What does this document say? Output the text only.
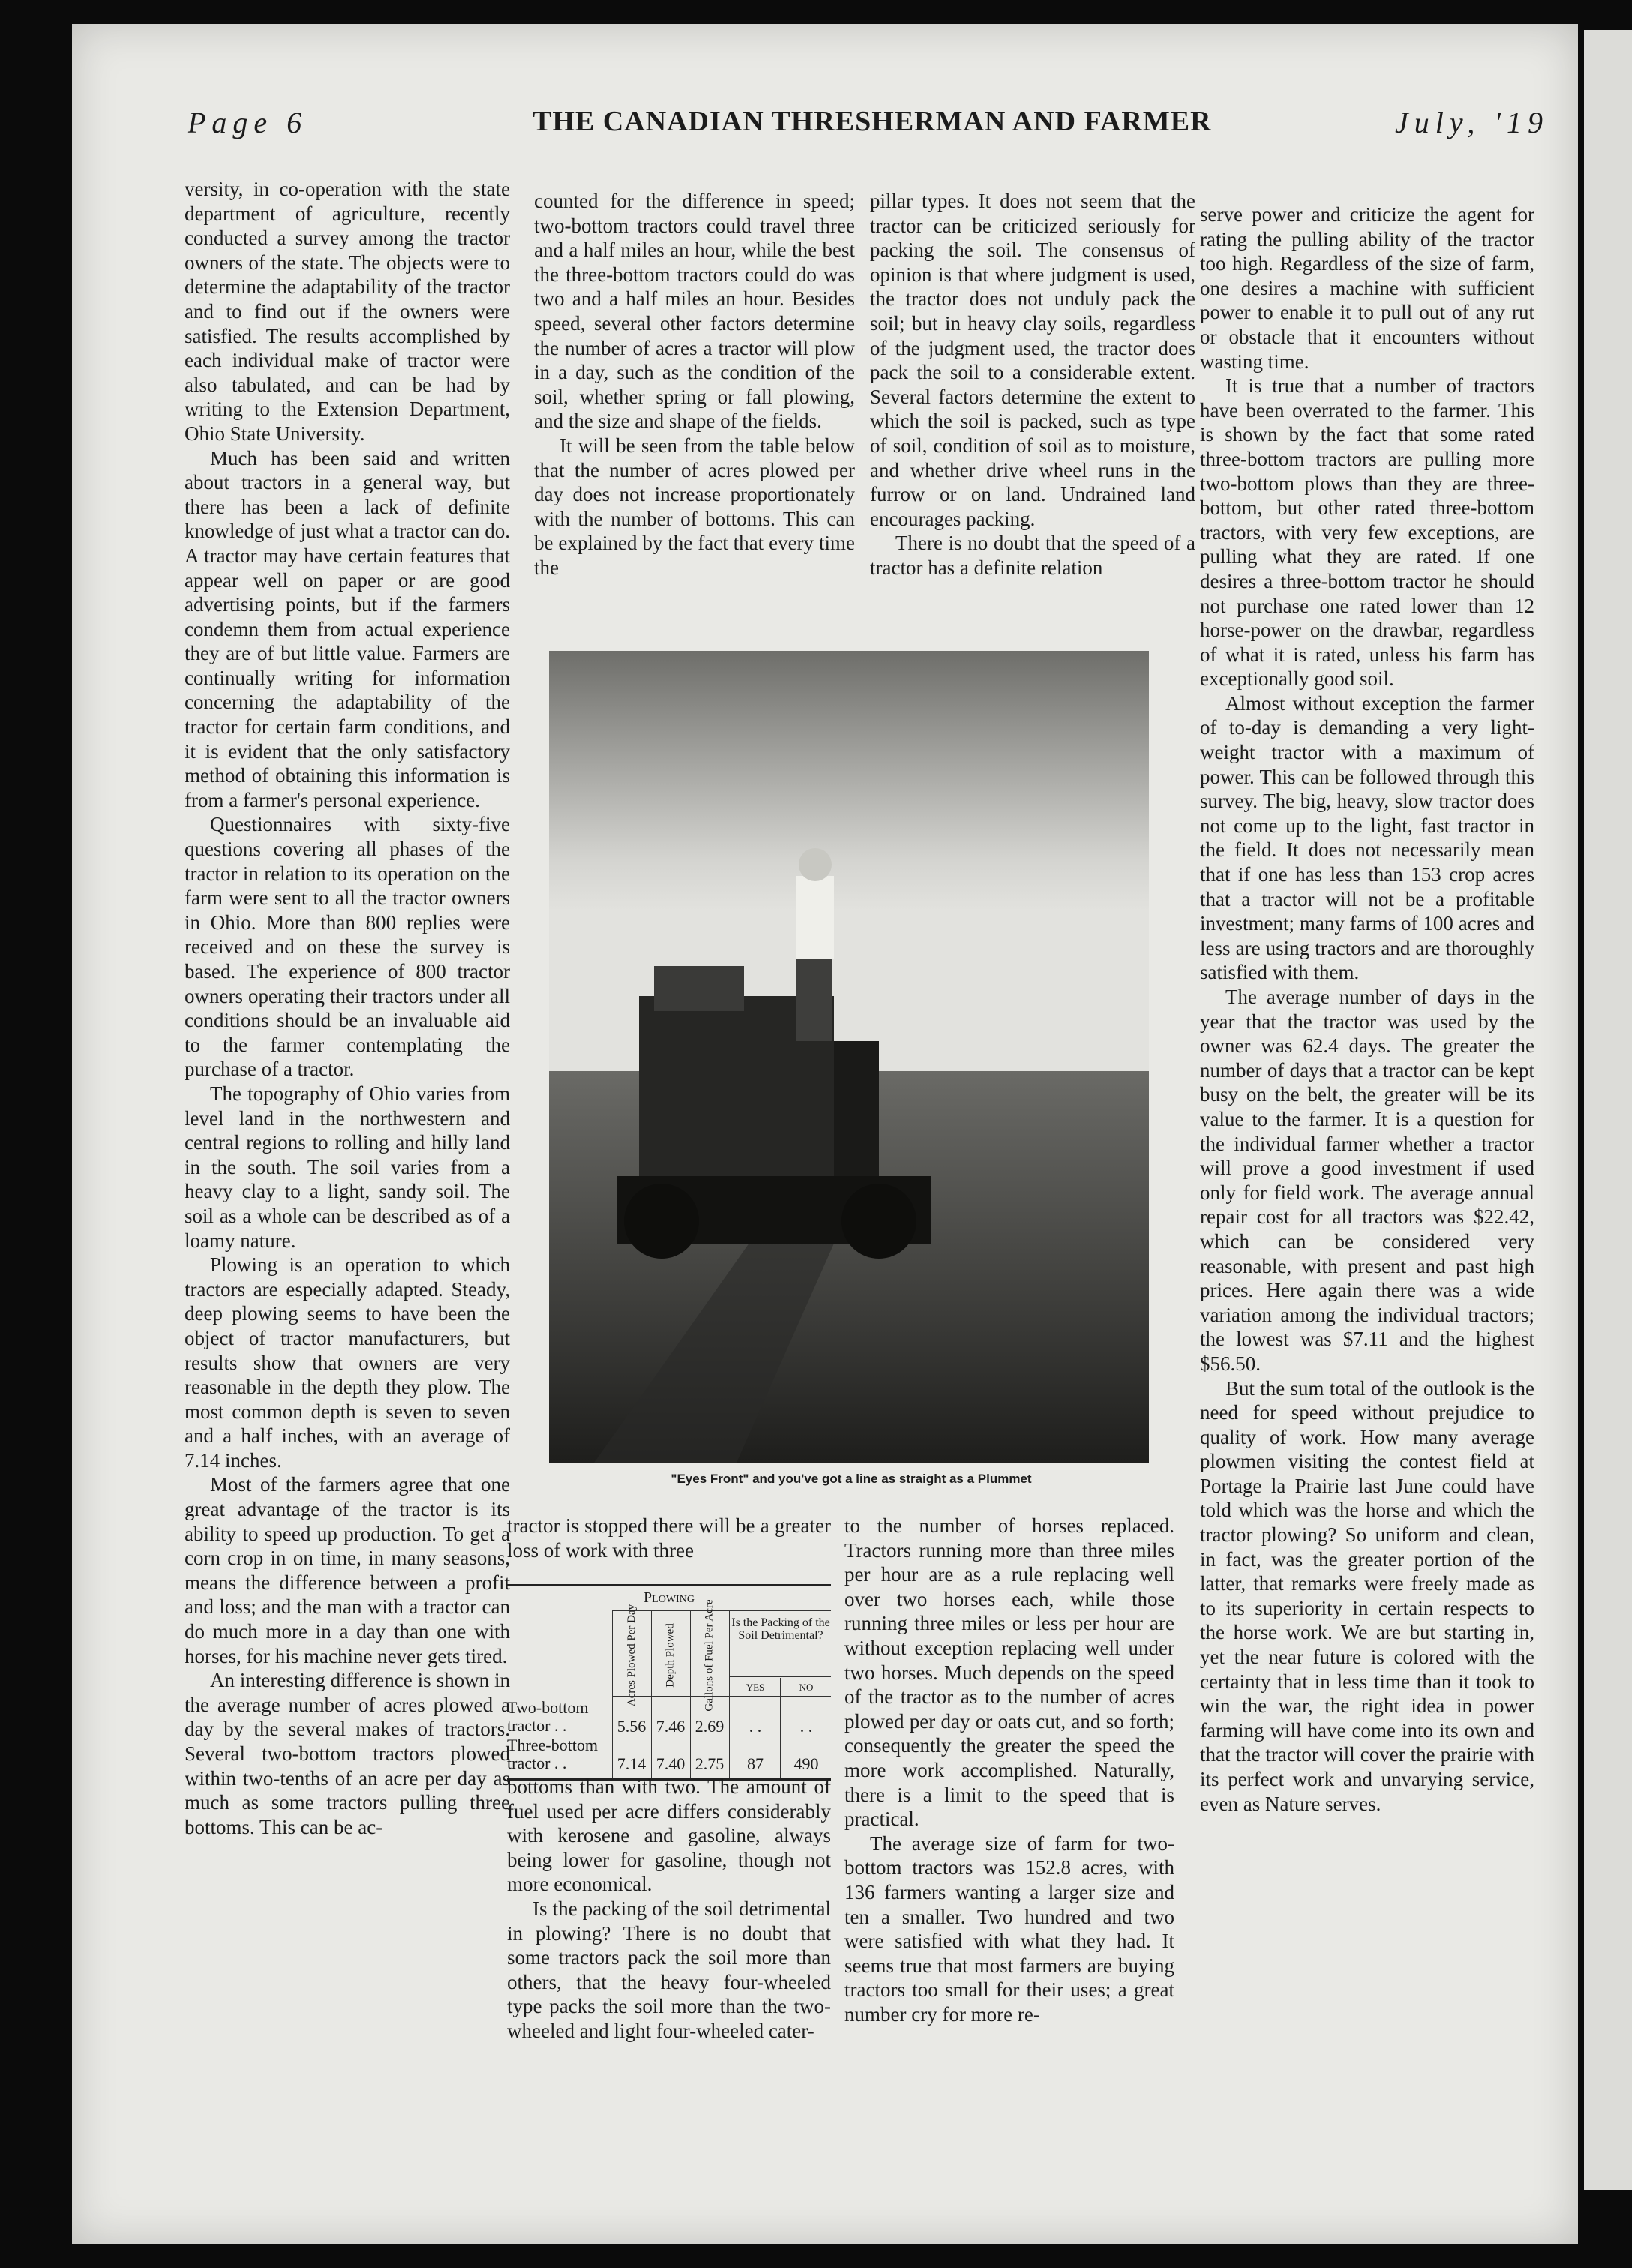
Page 6	THE CANADIAN THRESHERMAN AND FARMER	July, '19

versity, in co-operation with the state department of agriculture, recently conducted a survey among the tractor owners of the state. The objects were to determine the adaptability of the tractor and to find out if the owners were satisfied. The results accomplished by each individual make of tractor were also tabulated, and can be had by writing to the Extension Department, Ohio State University.

Much has been said and written about tractors in a general way, but there has been a lack of definite knowledge of just what a tractor can do. A tractor may have certain features that appear well on paper or are good advertising points, but if the farmers condemn them from actual experience they are of but little value. Farmers are continually writing for information concerning the adaptability of the tractor for certain farm conditions, and it is evident that the only satisfactory method of obtaining this information is from a farmer's personal experience.

Questionnaires with sixty-five questions covering all phases of the tractor in relation to its operation on the farm were sent to all the tractor owners in Ohio. More than 800 replies were received and on these the survey is based. The experience of 800 tractor owners operating their tractors under all conditions should be an invaluable aid to the farmer contemplating the purchase of a tractor.

The topography of Ohio varies from level land in the northwestern and central regions to rolling and hilly land in the south. The soil varies from a heavy clay to a light, sandy soil. The soil as a whole can be described as of a loamy nature.

Plowing is an operation to which tractors are especially adapted. Steady, deep plowing seems to have been the object of tractor manufacturers, but results show that owners are very reasonable in the depth they plow. The most common depth is seven to seven and a half inches, with an average of 7.14 inches.

Most of the farmers agree that one great advantage of the tractor is its ability to speed up production. To get a corn crop in on time, in many seasons, means the difference between a profit and loss; and the man with a tractor can do much more in a day than one with horses, for his machine never gets tired.

An interesting difference is shown in the average number of acres plowed a day by the several makes of tractors. Several two-bottom tractors plowed within two-tenths of an acre per day as much as some tractors pulling three bottoms. This can be ac-

counted for the difference in speed; two-bottom tractors could travel three and a half miles an hour, while the best the three-bottom tractors could do was two and a half miles an hour. Besides speed, several other factors determine the number of acres a tractor will plow in a day, such as the condition of the soil, whether spring or fall plowing, and the size and shape of the fields.

It will be seen from the table below that the number of acres plowed per day does not increase proportionately with the number of bottoms. This can be explained by the fact that every time the

pillar types. It does not seem that the tractor can be criticized seriously for packing the soil. The consensus of opinion is that where judgment is used, the tractor does not unduly pack the soil; but in heavy clay soils, regardless of the judgment used, the tractor does pack the soil to a considerable extent. Several factors determine the extent to which the soil is packed, such as type of soil, condition of soil as to moisture, and whether drive wheel runs in the furrow or on land. Undrained land encourages packing.

There is no doubt that the speed of a tractor has a definite relation

serve power and criticize the agent for rating the pulling ability of the tractor too high. Regardless of the size of farm, one desires a machine with sufficient power to enable it to pull out of any rut or obstacle that it encounters without wasting time.

It is true that a number of tractors have been overrated to the farmer. This is shown by the fact that some rated three-bottom tractors are pulling more two-bottom plows than they are three-bottom, but other rated three-bottom tractors, with very few exceptions, are pulling what they are rated. If one desires a three-bottom tractor he should not purchase one rated lower than 12 horse-power on the drawbar, regardless of what it is rated, unless his farm has exceptionally good soil.

Almost without exception the farmer of to-day is demanding a very light-weight tractor with a maximum of power. This can be followed through this survey. The big, heavy, slow tractor does not come up to the light, fast tractor in the field. It does not necessarily mean that if one has less than 153 crop acres that a tractor will not be a profitable investment; many farms of 100 acres and less are using tractors and are thoroughly satisfied with them.

The average number of days in the year that the tractor was used by the owner was 62.4 days. The greater the number of days that a tractor can be kept busy on the belt, the greater will be its value to the farmer. It is a question for the individual farmer whether a tractor will prove a good investment if used only for field work. The average annual repair cost for all tractors was $22.42, which can be considered very reasonable, with present and past high prices. Here again there was a wide variation among the individual tractors; the lowest was $7.11 and the highest $56.50.

But the sum total of the outlook is the need for speed without prejudice to quality of work. How many average plowmen visiting the contest field at Portage la Prairie last June could have told which was the horse and which the tractor plowing? So uniform and clean, in fact, was the greater portion of the latter, that remarks were freely made as to its superiority in certain respects to the horse work. We are but starting in, yet the near future is colored with the certainty that in less time than it took to win the war, the right idea in power farming will have come into its own and that the tractor will cover the prairie with its perfect work and unvarying service, even as Nature serves.

"Eyes Front" and you've got a line as straight as a Plummet

tractor is stopped there will be a greater loss of work with three

Plowing
Acres Plowed Per Day Depth Plowed Gallons of Fuel Per Acre Is the Packing of the Soil Detrimental?
YES	NO
Two-bottom tractor . .	5.56 7.46 2.69	. .	. .
Three-bottom tractor . .	7.14 7.40 2.75	87	490

bottoms than with two. The amount of fuel used per acre differs considerably with kerosene and gasoline, always being lower for gasoline, though not more economical.

Is the packing of the soil detrimental in plowing? There is no doubt that some tractors pack the soil more than others, that the heavy four-wheeled type packs the soil more than the two-wheeled and light four-wheeled cater-

to the number of horses replaced. Tractors running more than three miles per hour are as a rule replacing well over two horses each, while those running three miles or less per hour are without exception replacing well under two horses. Much depends on the speed of the tractor as to the number of acres plowed per day or oats cut, and so forth; consequently the greater the speed the more work accomplished. Naturally, there is a limit to the speed that is practical.

The average size of farm for two-bottom tractors was 152.8 acres, with 136 farmers wanting a larger size and ten a smaller. Two hundred and two were satisfied with what they had. It seems true that most farmers are buying tractors too small for their uses; a great number cry for more re-
